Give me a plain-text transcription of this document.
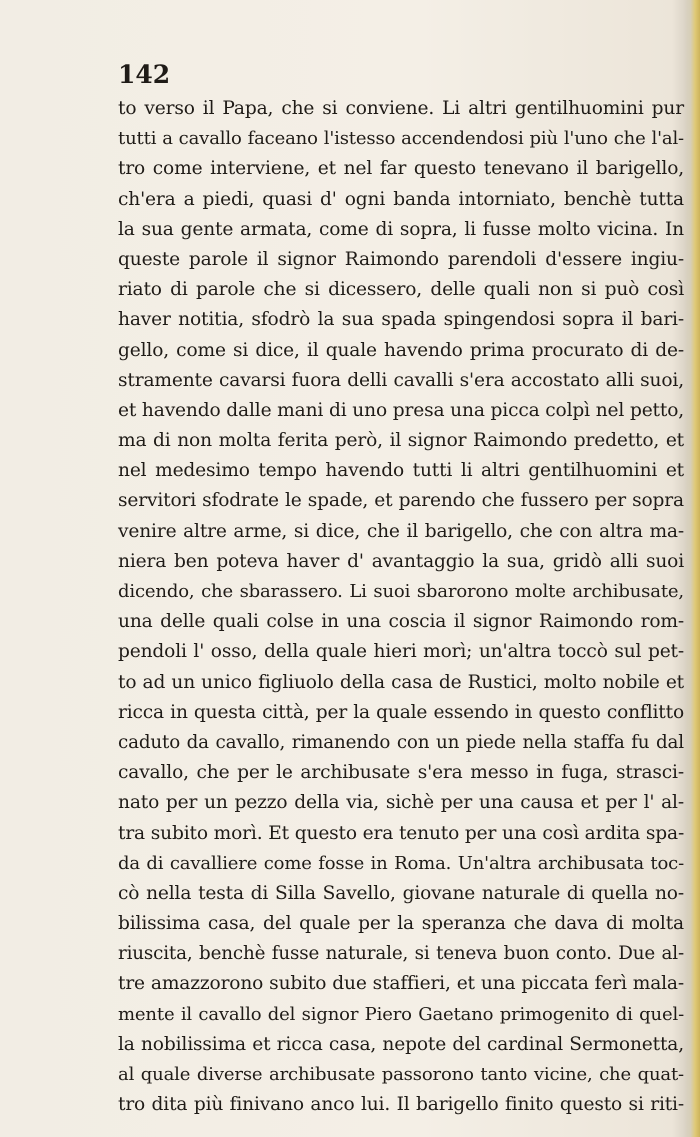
142
to verso il Papa, che si conviene. Li altri gentilhuomini pur
tutti a cavallo faceano l'istesso accendendosi più l'uno che l'al-
tro come interviene, et nel far questo tenevano il barigello,
ch'era a piedi, quasi d' ogni banda intorniato, benchè tutta
la sua gente armata, come di sopra, li fusse molto vicina. In
queste parole il signor Raimondo parendoli d'essere ingiu-
riato di parole che si dicessero, delle quali non si può così
haver notitia, sfodrò la sua spada spingendosi sopra il bari-
gello, come si dice, il quale havendo prima procurato di de-
stramente cavarsi fuora delli cavalli s'era accostato alli suoi,
et havendo dalle mani di uno presa una picca colpì nel petto,
ma di non molta ferita però, il signor Raimondo predetto, et
nel medesimo tempo havendo tutti li altri gentilhuomini et
servitori sfodrate le spade, et parendo che fussero per sopra
venire altre arme, si dice, che il barigello, che con altra ma-
niera ben poteva haver d' avantaggio la sua, gridò alli suoi
dicendo, che sbarassero. Li suoi sbarorono molte archibusate,
una delle quali colse in una coscia il signor Raimondo rom-
pendoli l' osso, della quale hieri morì; un'altra toccò sul pet-
to ad un unico figliuolo della casa de Rustici, molto nobile et
ricca in questa città, per la quale essendo in questo conflitto
caduto da cavallo, rimanendo con un piede nella staffa fu dal
cavallo, che per le archibusate s'era messo in fuga, strasci-
nato per un pezzo della via, sichè per una causa et per l' al-
tra subito morì. Et questo era tenuto per una così ardita spa-
da di cavalliere come fosse in Roma. Un'altra archibusata toc-
cò nella testa di Silla Savello, giovane naturale di quella no-
bilissima casa, del quale per la speranza che dava di molta
riuscita, benchè fusse naturale, si teneva buon conto. Due al-
tre amazzorono subito due staffieri, et una piccata ferì mala-
mente il cavallo del signor Piero Gaetano primogenito di quel-
la nobilissima et ricca casa, nepote del cardinal Sermonetta,
al quale diverse archibusate passorono tanto vicine, che quat-
tro dita più finivano anco lui. Il barigello finito questo si riti-
